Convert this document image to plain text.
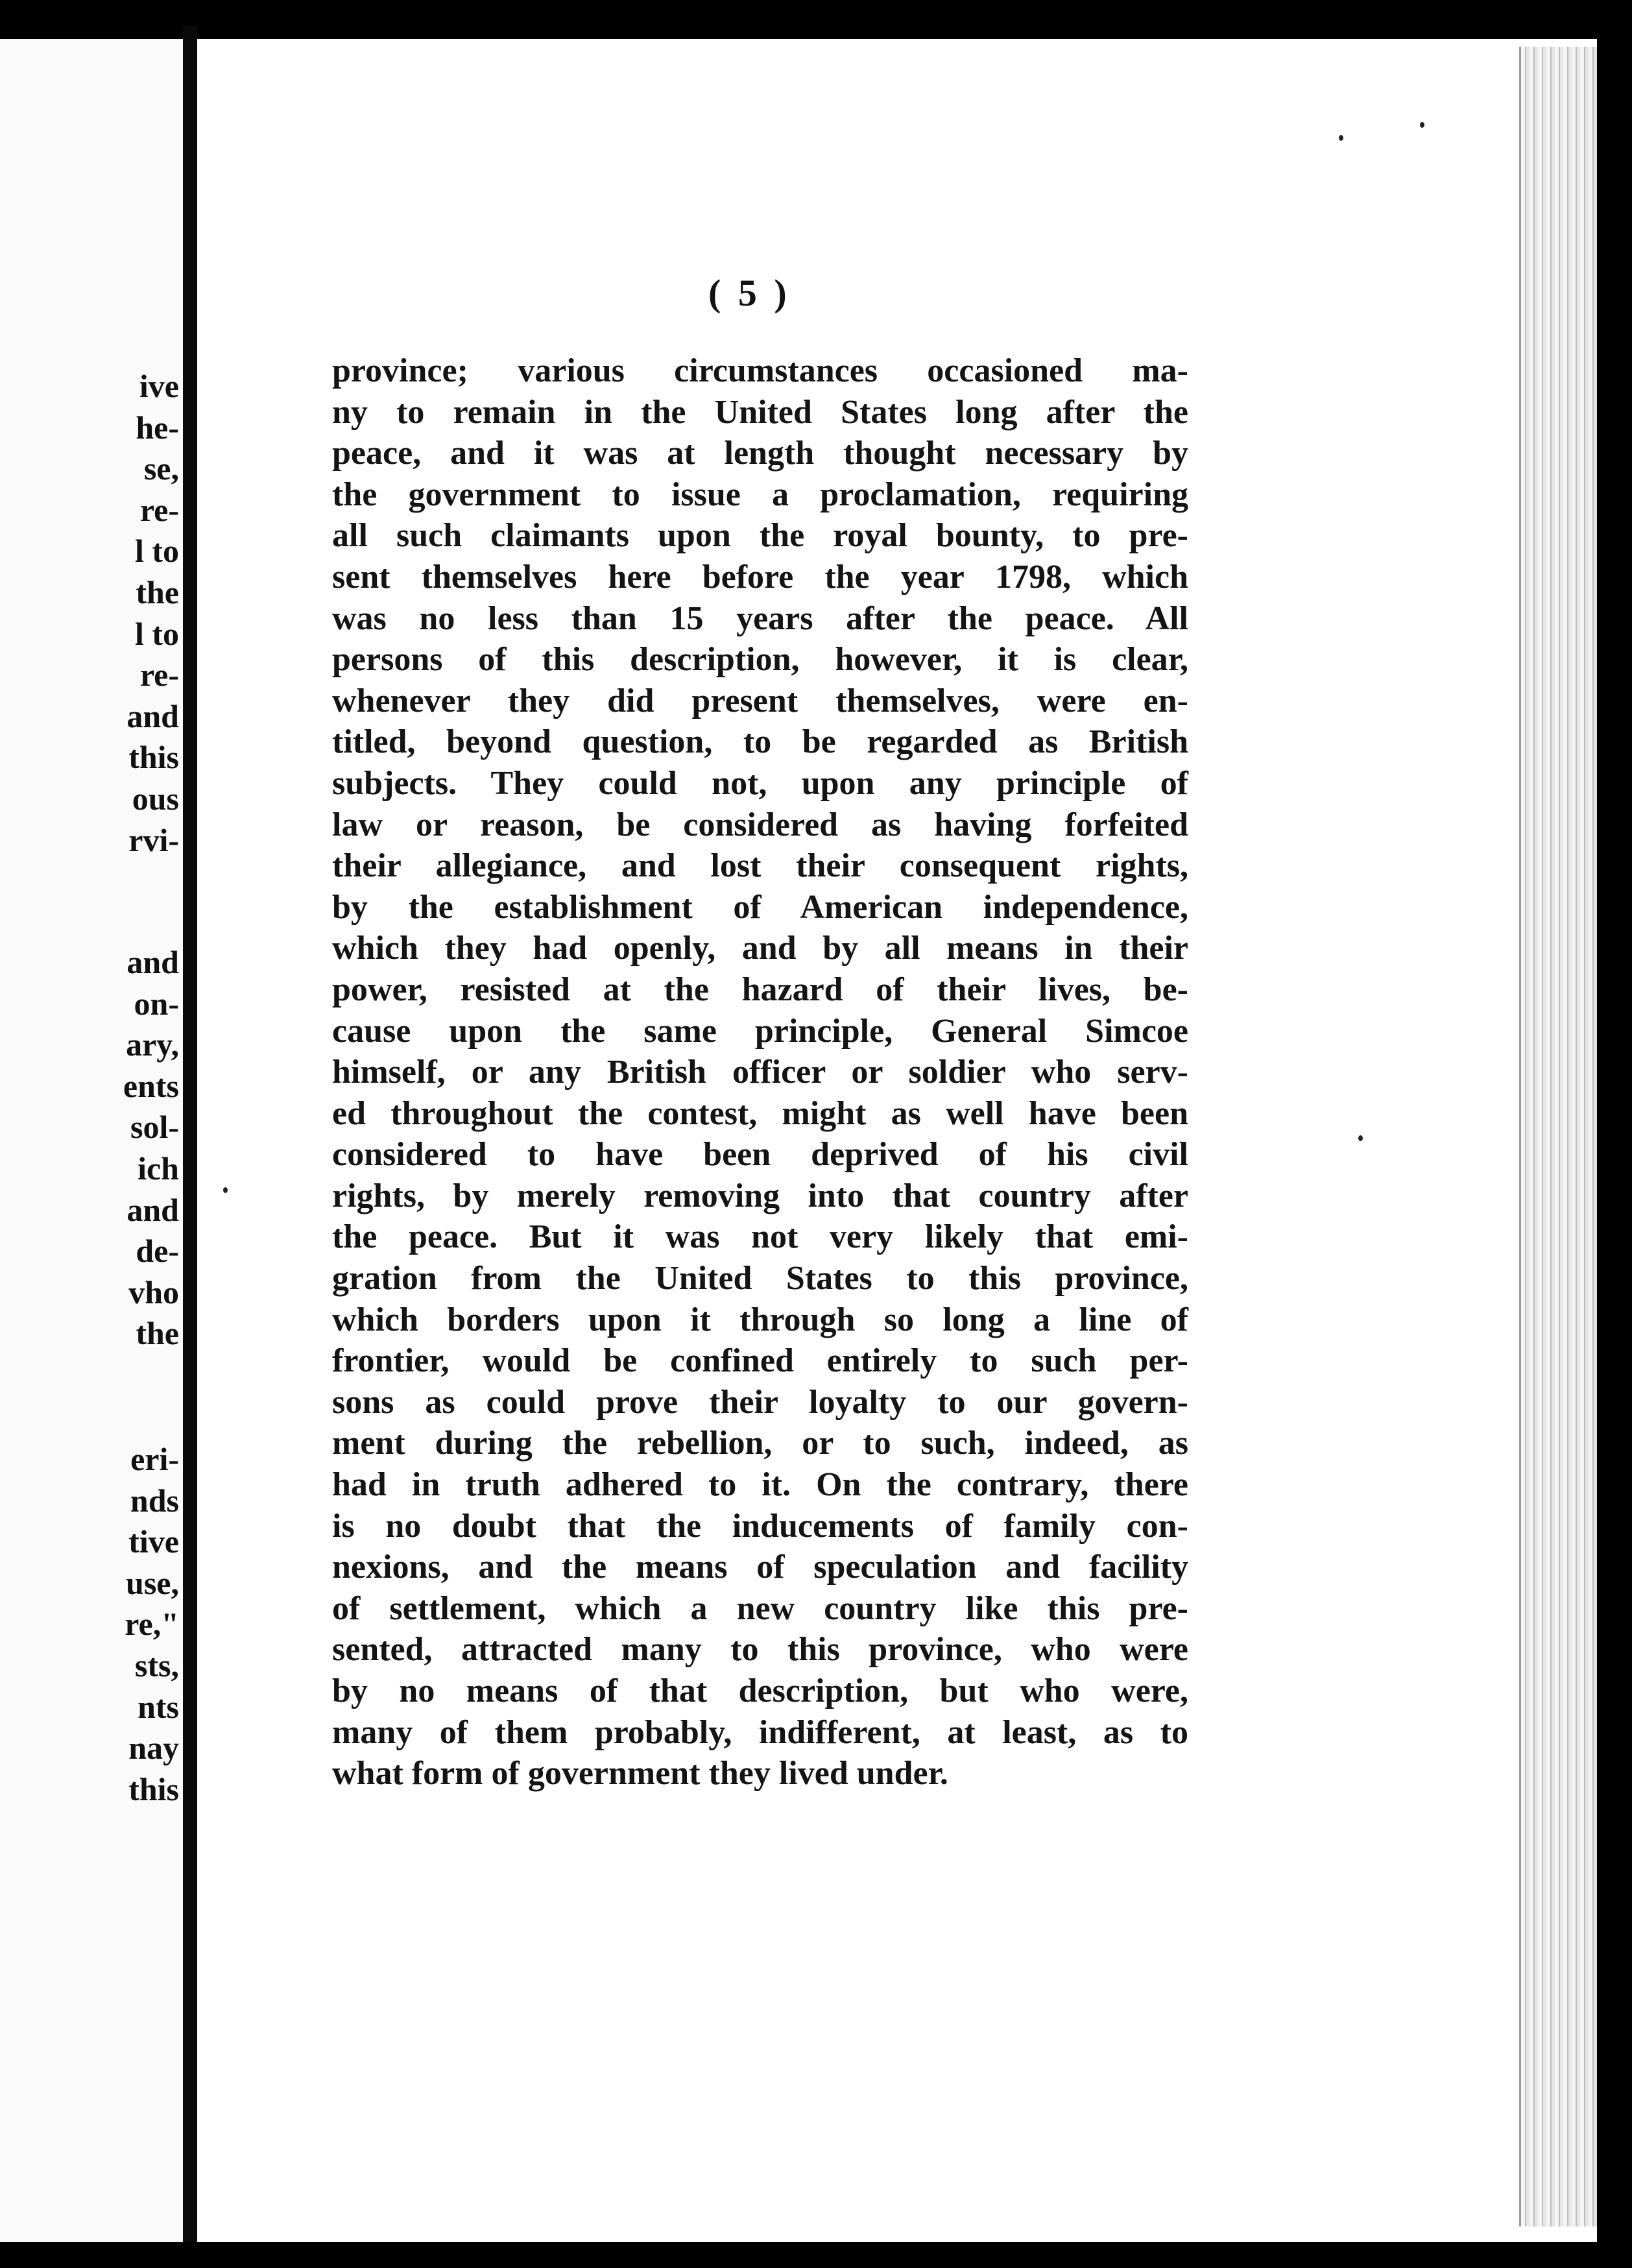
ive
he-
se,
re-
l to
the
l to
re-
and
this
ous
rvi-
and
on-
ary,
ents
sol-
ich
and
de-
vho
the
eri-
nds
tive
use,
re,"
sts,
nts
nay
this
( 5 )
province; various circumstances occasioned ma-
ny to remain in the United States long after the
peace, and it was at length thought necessary by
the government to issue a proclamation, requiring
all such claimants upon the royal bounty, to pre-
sent themselves here before the year 1798, which
was no less than 15 years after the peace. All
persons of this description, however, it is clear,
whenever they did present themselves, were en-
titled, beyond question, to be regarded as British
subjects. They could not, upon any principle of
law or reason, be considered as having forfeited
their allegiance, and lost their consequent rights,
by the establishment of American independence,
which they had openly, and by all means in their
power, resisted at the hazard of their lives, be-
cause upon the same principle, General Simcoe
himself, or any British officer or soldier who serv-
ed throughout the contest, might as well have been
considered to have been deprived of his civil
rights, by merely removing into that country after
the peace. But it was not very likely that emi-
gration from the United States to this province,
which borders upon it through so long a line of
frontier, would be confined entirely to such per-
sons as could prove their loyalty to our govern-
ment during the rebellion, or to such, indeed, as
had in truth adhered to it. On the contrary, there
is no doubt that the inducements of family con-
nexions, and the means of speculation and facility
of settlement, which a new country like this pre-
sented, attracted many to this province, who were
by no means of that description, but who were,
many of them probably, indifferent, at least, as to
what form of government they lived under.
